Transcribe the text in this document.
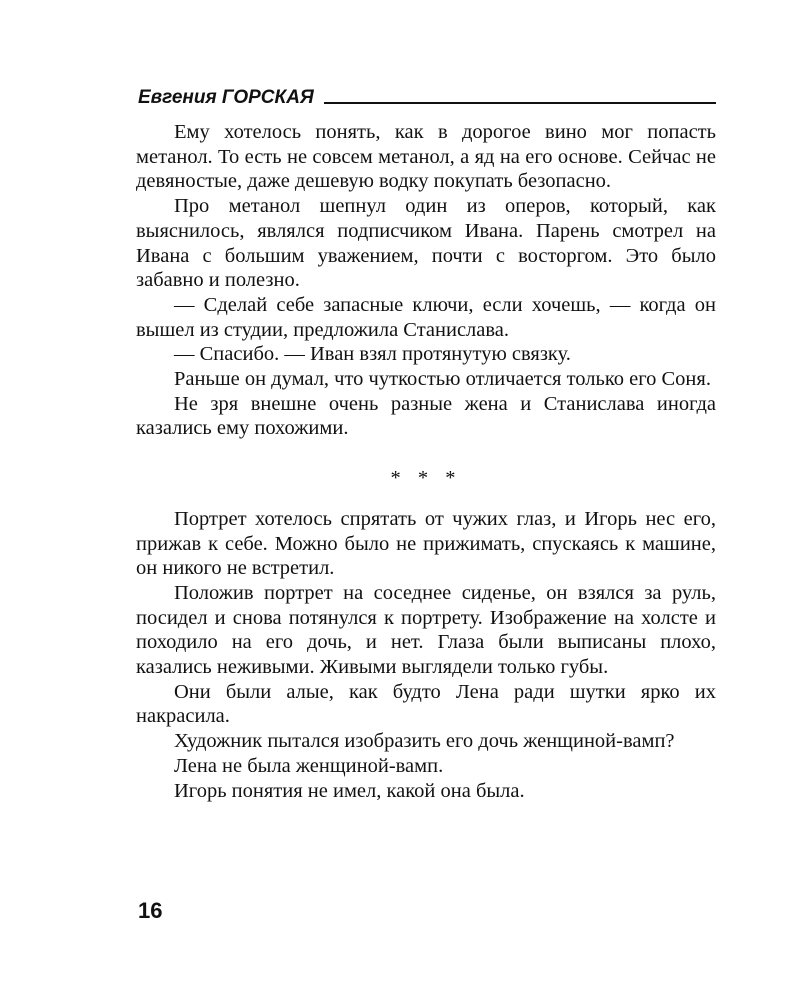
Евгения ГОРСКАЯ

Ему хотелось понять, как в дорогое вино мог попасть метанол. То есть не совсем метанол, а яд на его основе. Сейчас не девяностые, даже дешевую водку покупать безопасно.

Про метанол шепнул один из оперов, который, как выяснилось, являлся подписчиком Ивана. Парень смотрел на Ивана с большим уважением, почти с восторгом. Это было забавно и полезно.

— Сделай себе запасные ключи, если хочешь, — когда он вышел из студии, предложила Станислава.

— Спасибо. — Иван взял протянутую связку.

Раньше он думал, что чуткостью отличается только его Соня.

Не зря внешне очень разные жена и Станислава иногда казались ему похожими.

* * *

Портрет хотелось спрятать от чужих глаз, и Игорь нес его, прижав к себе. Можно было не прижимать, спускаясь к машине, он никого не встретил.

Положив портрет на соседнее сиденье, он взялся за руль, посидел и снова потянулся к портрету. Изображение на холсте и походило на его дочь, и нет. Глаза были выписаны плохо, казались неживыми. Живыми выглядели только губы.

Они были алые, как будто Лена ради шутки ярко их накрасила.

Художник пытался изобразить его дочь женщиной-вамп?

Лена не была женщиной-вамп.

Игорь понятия не имел, какой она была.

16
